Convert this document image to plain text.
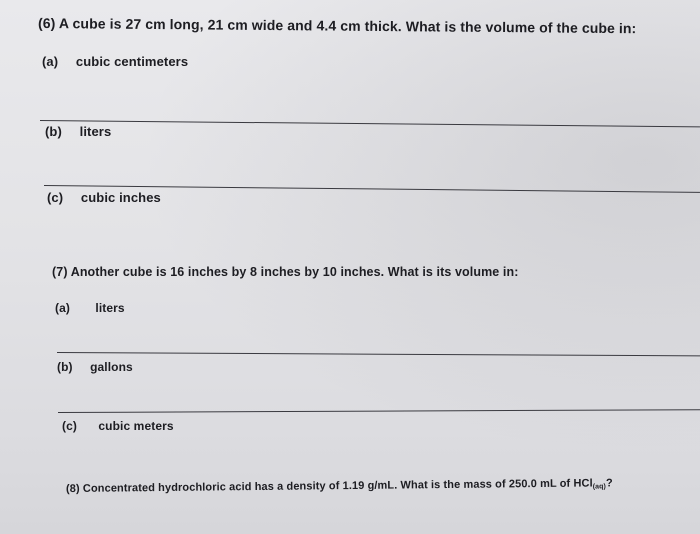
(6) A cube is 27 cm long, 21 cm wide and 4.4 cm thick. What is the volume of the cube in:
(a) cubic centimeters
(b) liters
(c) cubic inches
(7) Another cube is 16 inches by 8 inches by 10 inches. What is its volume in:
(a) liters
(b) gallons
(c) cubic meters
(8) Concentrated hydrochloric acid has a density of 1.19 g/mL. What is the mass of 250.0 mL of HCl$_{(aq)}$?
